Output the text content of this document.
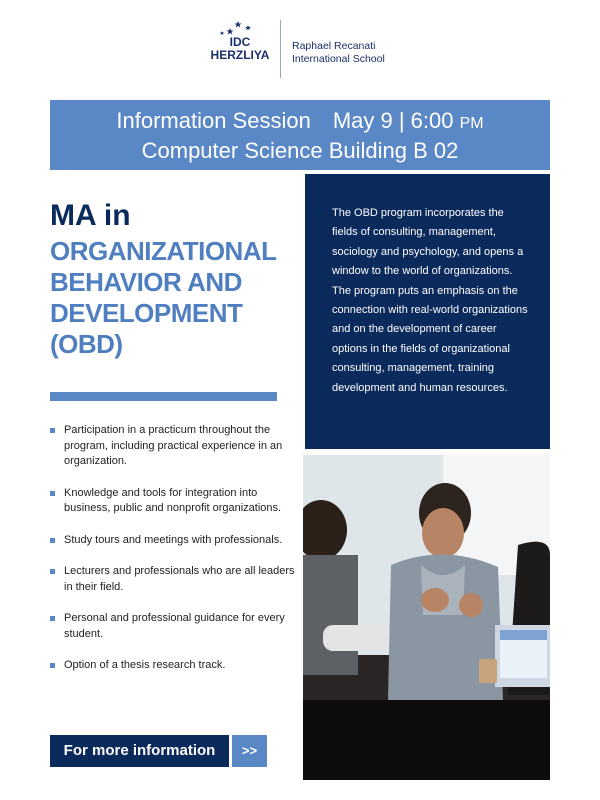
IDC
HERZLIYA
Raphael Recanati
International School
Information Session May 9 | 6:00 PM
Computer Science Building B 02
MA in
ORGANIZATIONAL BEHAVIOR AND DEVELOPMENT (OBD)
Participation in a practicum throughout the program, including practical experience in an organization.
Knowledge and tools for integration into business, public and nonprofit organizations.
Study tours and meetings with professionals.
Lecturers and professionals who are all leaders in their field.
Personal and professional guidance for every student.
Option of a thesis research track.
For more information	>>

The OBD program incorporates the fields of consulting, management, sociology and psychology, and opens a window to the world of organizations. The program puts an emphasis on the connection with real-world organizations and on the development of career options in the fields of organizational consulting, management, training development and human resources.
